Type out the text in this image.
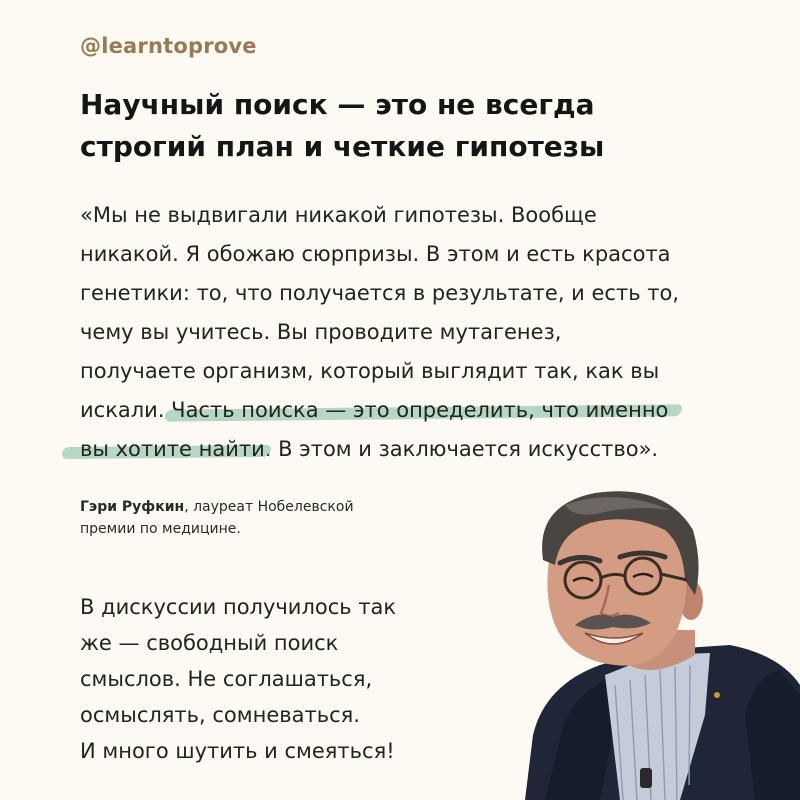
@learntoprove
Научный поиск — это не всегда
строгий план и четкие гипотезы
«Мы не выдвигали никакой гипотезы. Вообще
никакой. Я обожаю сюрпризы. В этом и есть красота
генетики: то, что получается в результате, и есть то,
чему вы учитесь. Вы проводите мутагенез,
получаете организм, который выглядит так, как вы
искали. Часть поиска — это определить, что именно
вы хотите найти. В этом и заключается искусство».
Гэри Руфкин, лауреат Нобелевской
премии по медицине.
В дискуссии получилось так
же — свободный поиск
смыслов. Не соглашаться,
осмыслять, сомневаться.
И много шутить и смеяться!
